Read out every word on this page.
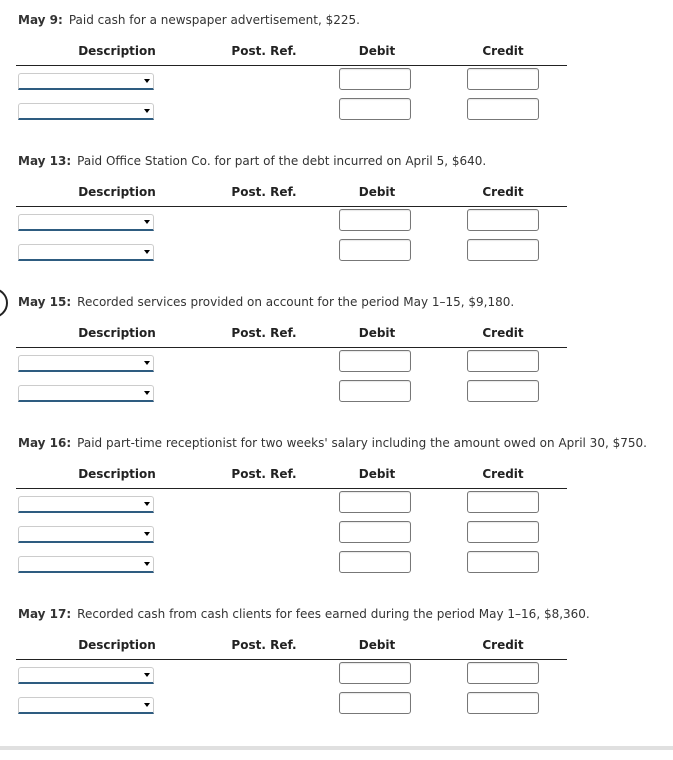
May 9: Paid cash for a newspaper advertisement, $225.
Description	Post. Ref.	Debit	Credit
May 13: Paid Office Station Co. for part of the debt incurred on April 5, $640.
Description	Post. Ref.	Debit	Credit
May 15: Recorded services provided on account for the period May 1–15, $9,180.
Description	Post. Ref.	Debit	Credit
May 16: Paid part-time receptionist for two weeks' salary including the amount owed on April 30, $750.
Description	Post. Ref.	Debit	Credit
May 17: Recorded cash from cash clients for fees earned during the period May 1–16, $8,360.
Description	Post. Ref.	Debit	Credit
